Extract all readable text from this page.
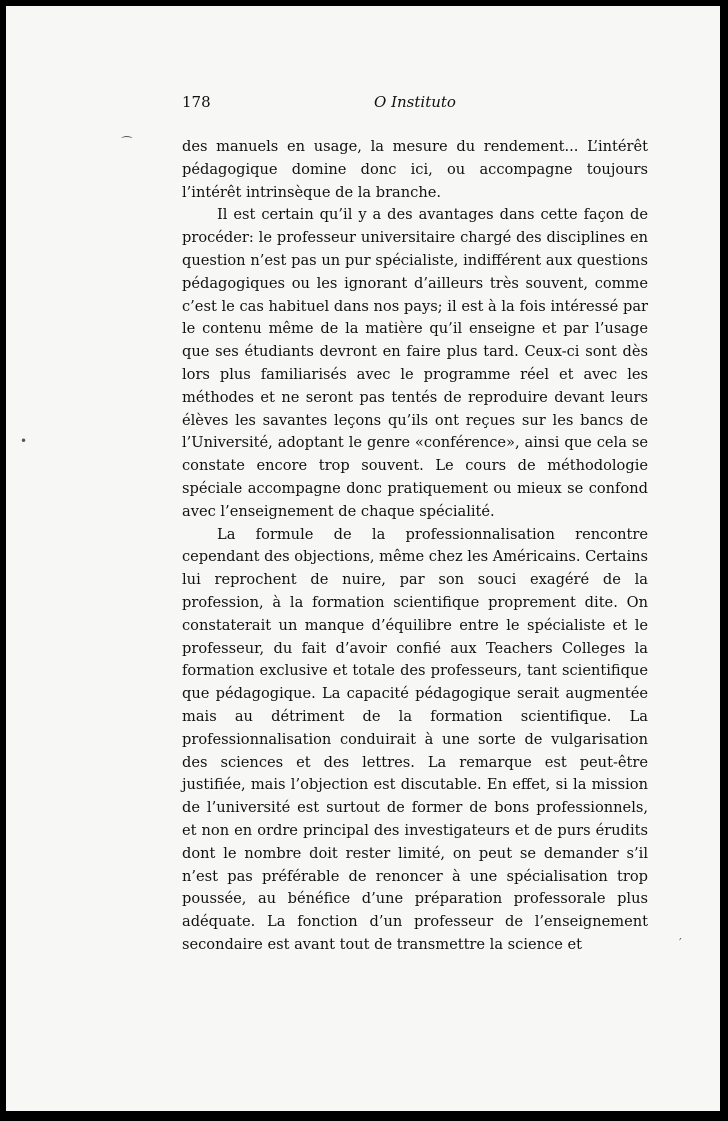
178	O Instituto

des manuels en usage, la mesure du rendement... L’intérêt pédagogique domine donc ici, ou accompagne toujours l’intérêt intrinsèque de la branche.

Il est certain qu’il y a des avantages dans cette façon de procéder: le professeur universitaire chargé des disciplines en question n’est pas un pur spécialiste, indifférent aux questions pédagogiques ou les ignorant d’ailleurs très souvent, comme c’est le cas habituel dans nos pays; il est à la fois intéressé par le contenu même de la matière qu’il enseigne et par l’usage que ses étudiants devront en faire plus tard. Ceux-ci sont dès lors plus familiarisés avec le programme réel et avec les méthodes et ne seront pas tentés de reproduire devant leurs élèves les savantes leçons qu’ils ont reçues sur les bancs de l’Université, adoptant le genre «conférence», ainsi que cela se constate encore trop souvent. Le cours de méthodologie spéciale accompagne donc pratiquement ou mieux se confond avec l’enseignement de chaque spécialité.

La formule de la professionnalisation rencontre cependant des objections, même chez les Américains. Certains lui reprochent de nuire, par son souci exagéré de la profession, à la formation scientifique proprement dite. On constaterait un manque d’équilibre entre le spécialiste et le professeur, du fait d’avoir confié aux Teachers Colleges la formation exclusive et totale des professeurs, tant scientifique que pédagogique. La capacité pédagogique serait augmentée mais au détriment de la formation scientifique. La professionnalisation conduirait à une sorte de vulgarisation des sciences et des lettres. La remarque est peut-être justifiée, mais l’objection est discutable. En effet, si la mission de l’université est surtout de former de bons professionnels, et non en ordre principal des investigateurs et de purs érudits dont le nombre doit rester limité, on peut se demander s’il n’est pas préférable de renoncer à une spécialisation trop poussée, au bénéfice d’une préparation professorale plus adéquate. La fonction d’un professeur de l’enseignement secondaire est avant tout de transmettre la science et

⁀
•
′
